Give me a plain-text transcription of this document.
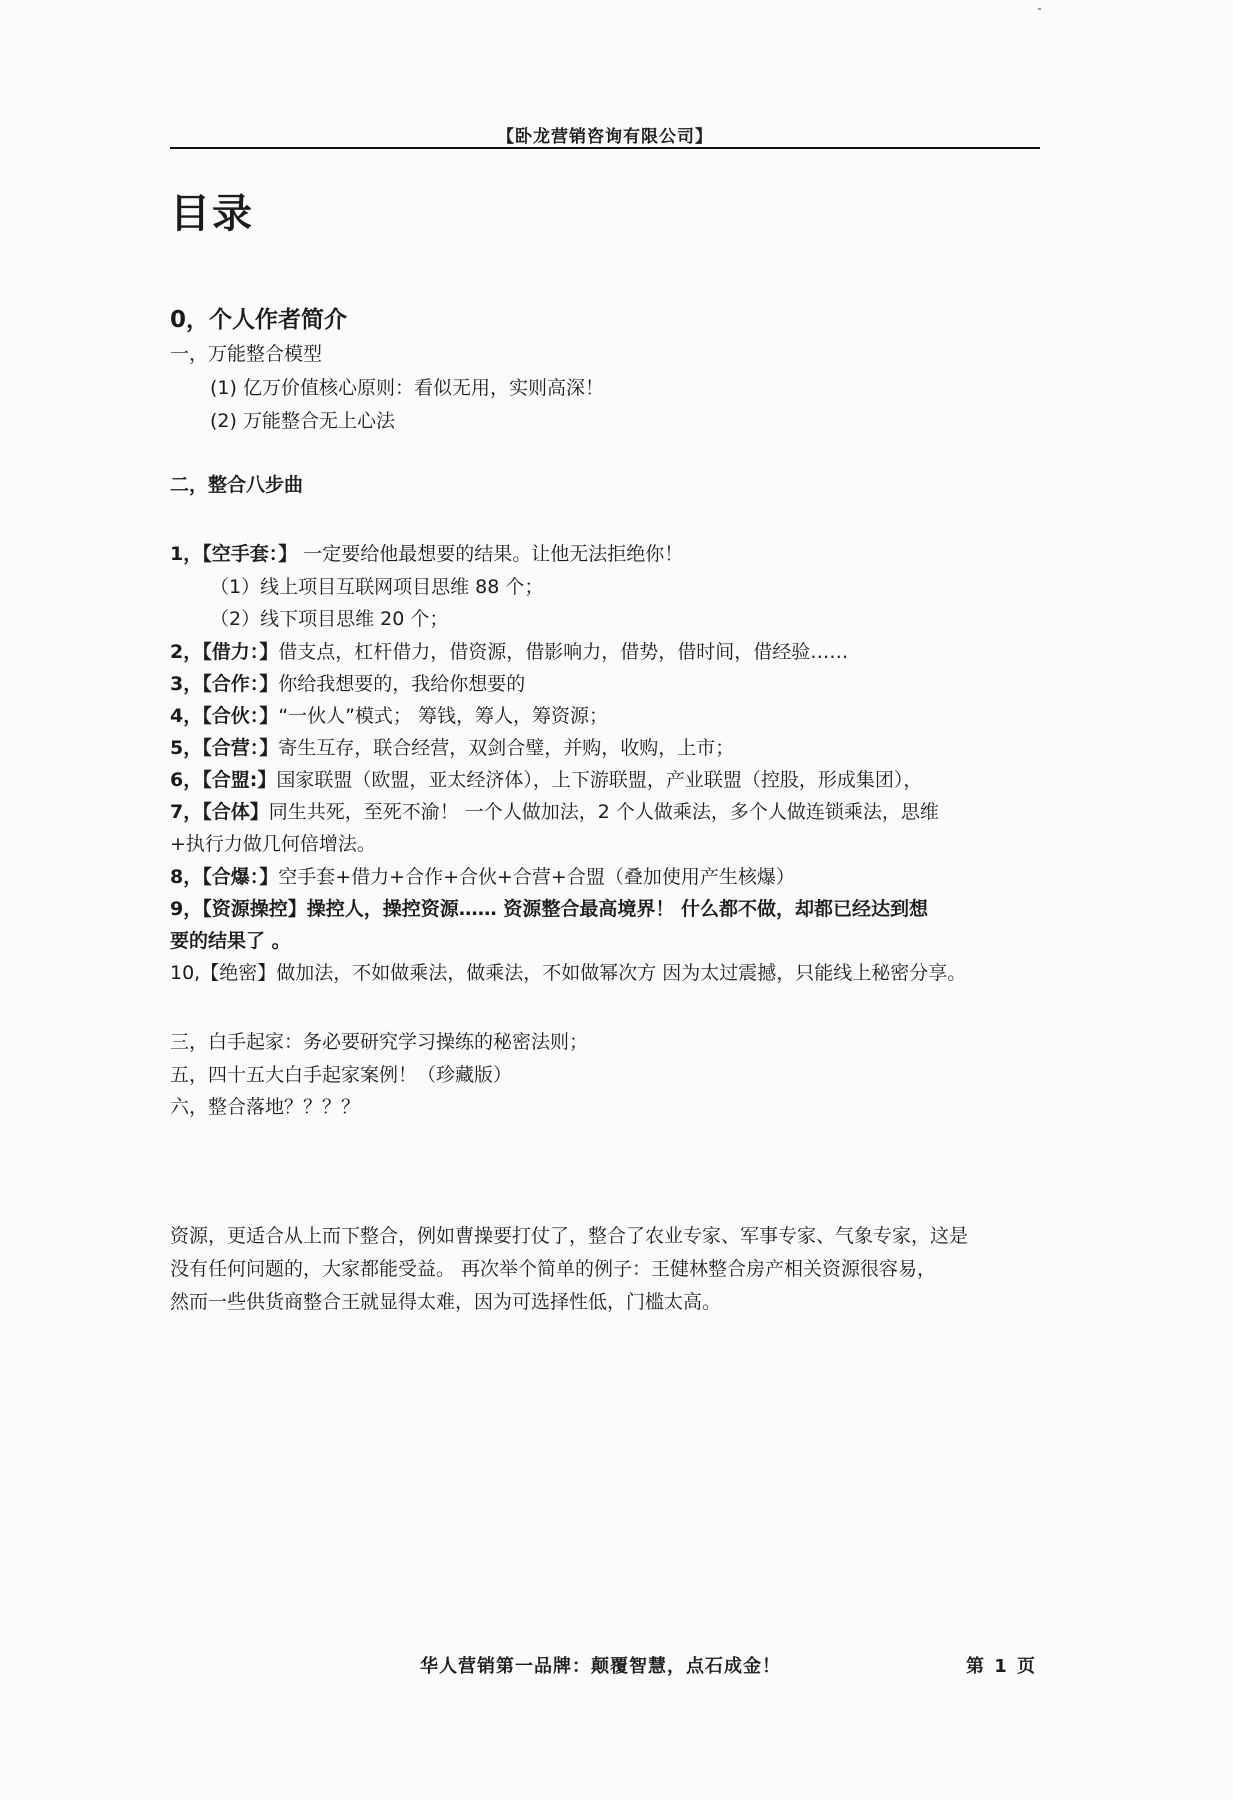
【卧龙营销咨询有限公司】
目录
0，个人作者简介
一，万能整合模型
(1) 亿万价值核心原则：看似无用，实则高深！
(2) 万能整合无上心法
二，整合八步曲
1，【空手套：】 一定要给他最想要的结果。让他无法拒绝你！
（1）线上项目互联网项目思维 88 个；
（2）线下项目思维 20 个；
2，【借力：】借支点，杠杆借力，借资源，借影响力，借势，借时间，借经验……
3，【合作：】你给我想要的，我给你想要的
4，【合伙：】“一伙人”模式； 筹钱，筹人，筹资源；
5，【合营：】寄生互存，联合经营，双剑合璧，并购，收购，上市；
6，【合盟:】国家联盟（欧盟，亚太经济体），上下游联盟，产业联盟（控股，形成集团），
7，【合体】同生共死，至死不渝！ 一个人做加法，2 个人做乘法，多个人做连锁乘法，思维
+执行力做几何倍增法。
8，【合爆：】空手套+借力+合作+合伙+合营+合盟（叠加使用产生核爆）
9，【资源操控】操控人，操控资源…… 资源整合最高境界！ 什么都不做，却都已经达到想
要的结果了 。
10,【绝密】做加法，不如做乘法，做乘法，不如做幂次方 因为太过震撼，只能线上秘密分享。
三，白手起家：务必要研究学习操练的秘密法则；
五，四十五大白手起家案例！（珍藏版）
六，整合落地？？？？
资源，更适合从上而下整合，例如曹操要打仗了，整合了农业专家、军事专家、气象专家，这是
没有任何问题的，大家都能受益。 再次举个简单的例子：王健林整合房产相关资源很容易，
然而一些供货商整合王就显得太难，因为可选择性低，门槛太高。
华人营销第一品牌：颠覆智慧，点石成金！	第 1 页
